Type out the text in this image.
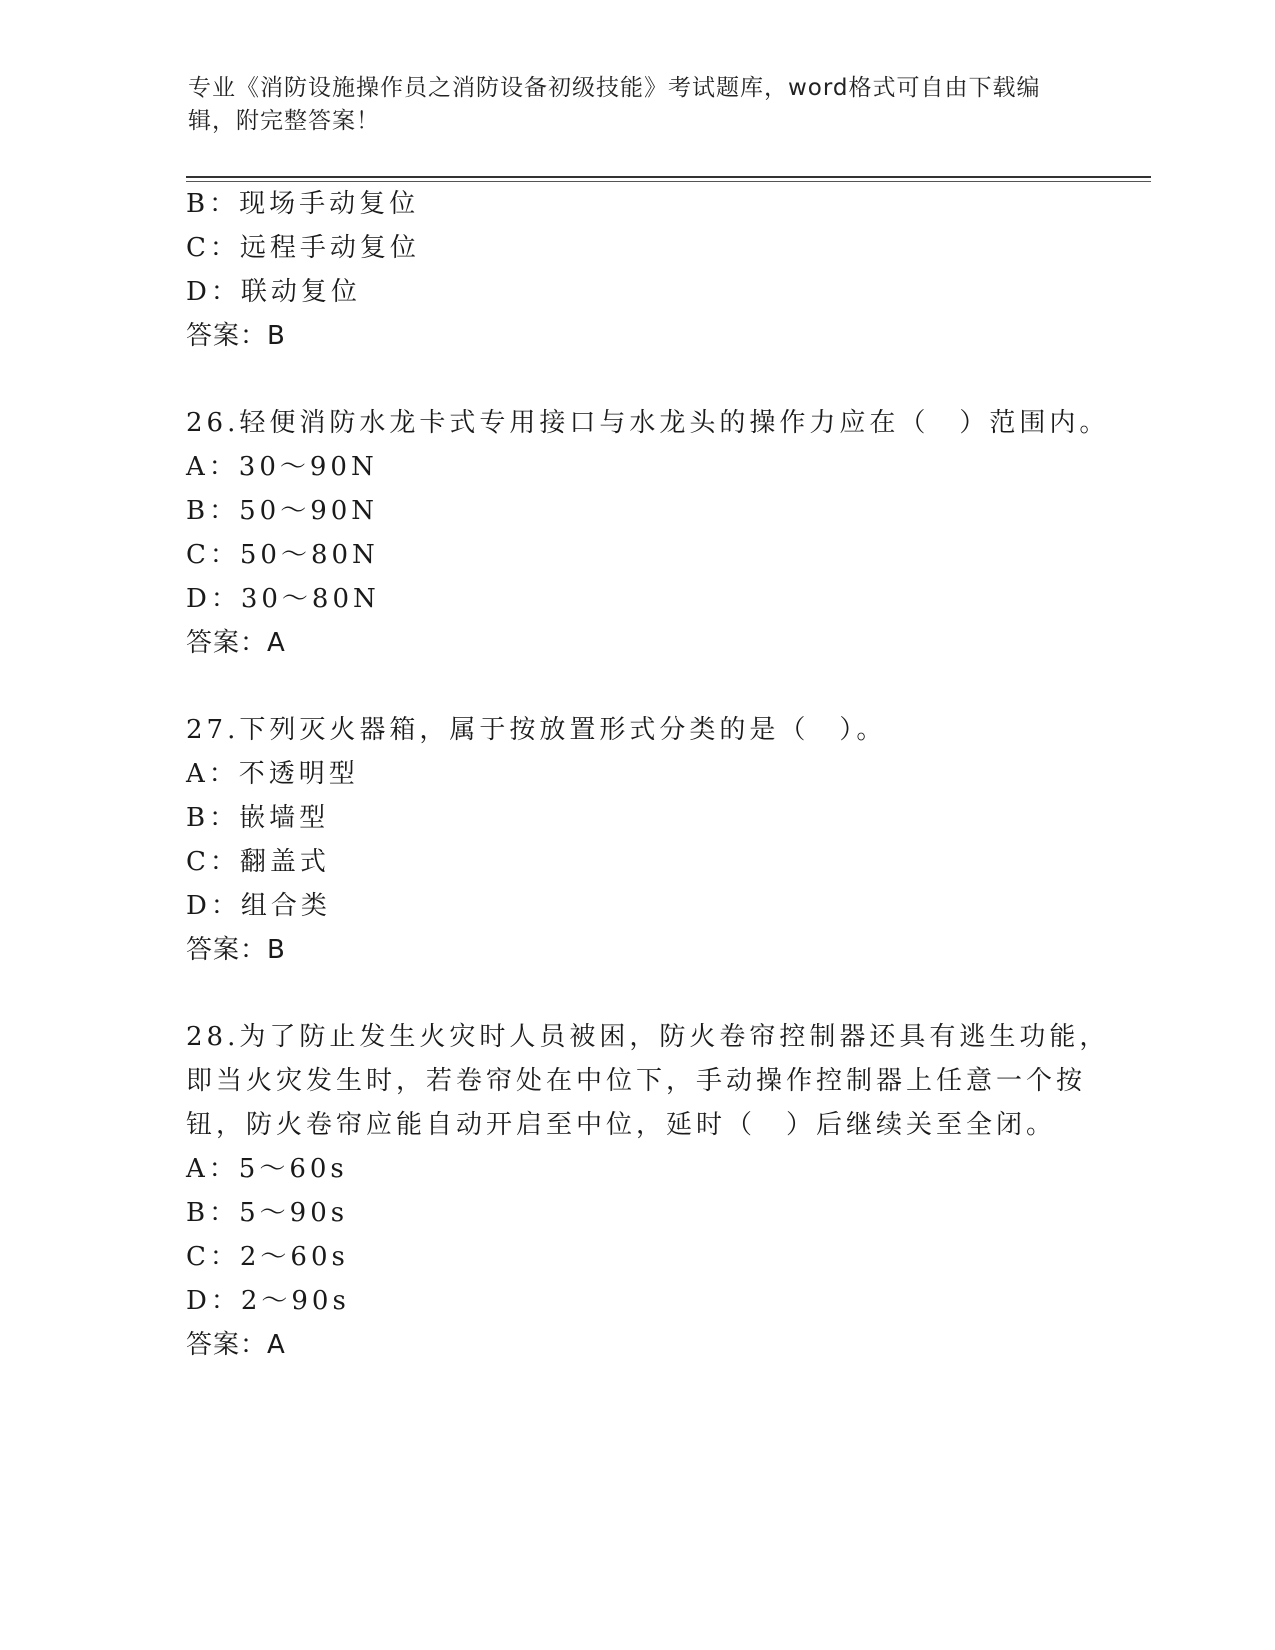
专业《消防设施操作员之消防设备初级技能》考试题库，word格式可自由下载编辑，附完整答案！
B：现场手动复位
C：远程手动复位
D：联动复位
答案：B
26.轻便消防水龙卡式专用接口与水龙头的操作力应在（　）范围内。
A：30～90N
B：50～90N
C：50～80N
D：30～80N
答案：A
27.下列灭火器箱，属于按放置形式分类的是（　）。
A：不透明型
B：嵌墙型
C：翻盖式
D：组合类
答案：B
28.为了防止发生火灾时人员被困，防火卷帘控制器还具有逃生功能，
即当火灾发生时，若卷帘处在中位下，手动操作控制器上任意一个按
钮，防火卷帘应能自动开启至中位，延时（　）后继续关至全闭。
A：5～60s
B：5～90s
C：2～60s
D：2～90s
答案：A
